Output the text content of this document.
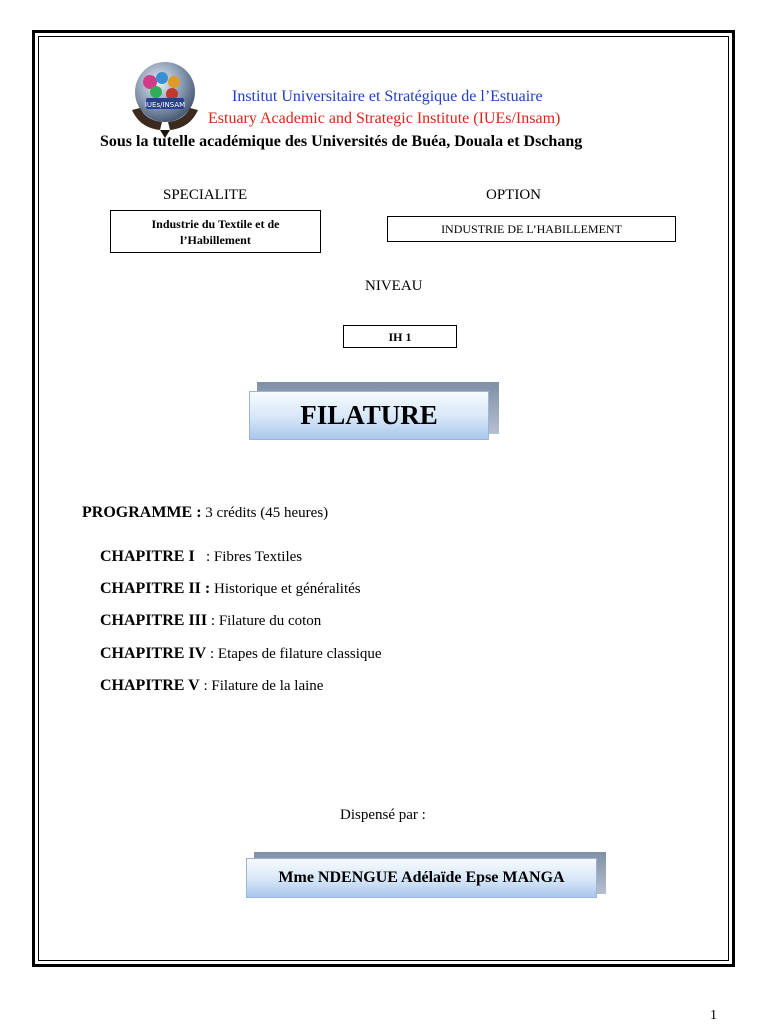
IUEs/INSAM	Institut Universitaire et Stratégique de l’Estuaire
Estuary Academic and Strategic Institute (IUEs/Insam)
Sous la tutelle académique des Universités de Buéa, Douala et Dschang
SPECIALITE	OPTION
Industrie du Textile et de l’Habillement
INDUSTRIE DE L’HABILLEMENT
NIVEAU
IH 1
FILATURE
PROGRAMME : 3 crédits (45 heures)
CHAPITRE I   : Fibres Textiles
CHAPITRE II : Historique et généralités
CHAPITRE III : Filature du coton
CHAPITRE IV : Etapes de filature classique
CHAPITRE V : Filature de la laine
Dispensé par :
Mme NDENGUE Adélaïde Epse MANGA
1
